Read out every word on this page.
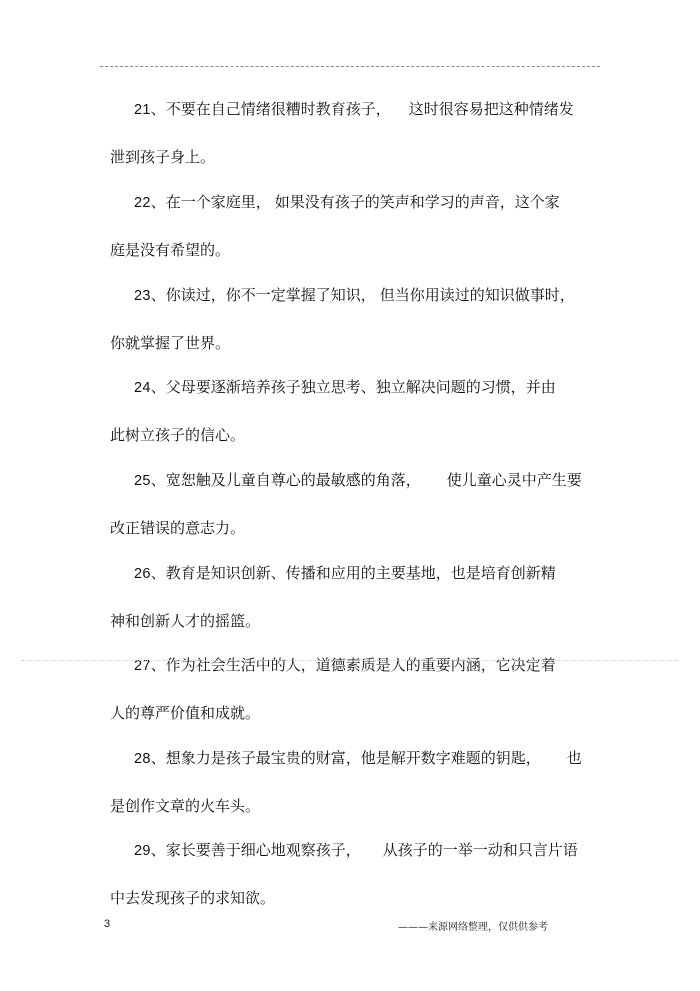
21、不要在自己情绪很糟时教育孩子， 这时很容易把这种情绪发
泄到孩子身上。
22、在一个家庭里， 如果没有孩子的笑声和学习的声音，这个家
庭是没有希望的。
23、你读过，你不一定掌握了知识， 但当你用读过的知识做事时，
你就掌握了世界。
24、父母要逐渐培养孩子独立思考、独立解决问题的习惯，并由
此树立孩子的信心。
25、宽恕触及儿童自尊心的最敏感的角落， 使儿童心灵中产生要
改正错误的意志力。
26、教育是知识创新、传播和应用的主要基地，也是培育创新精
神和创新人才的摇篮。
27、作为社会生活中的人，道德素质是人的重要内涵，它决定着
人的尊严价值和成就。
28、想象力是孩子最宝贵的财富，他是解开数字难题的钥匙， 也
是创作文章的火车头。
29、家长要善于细心地观察孩子， 从孩子的一举一动和只言片语
中去发现孩子的求知欲。
3	———来源网络整理，仅供供参考
